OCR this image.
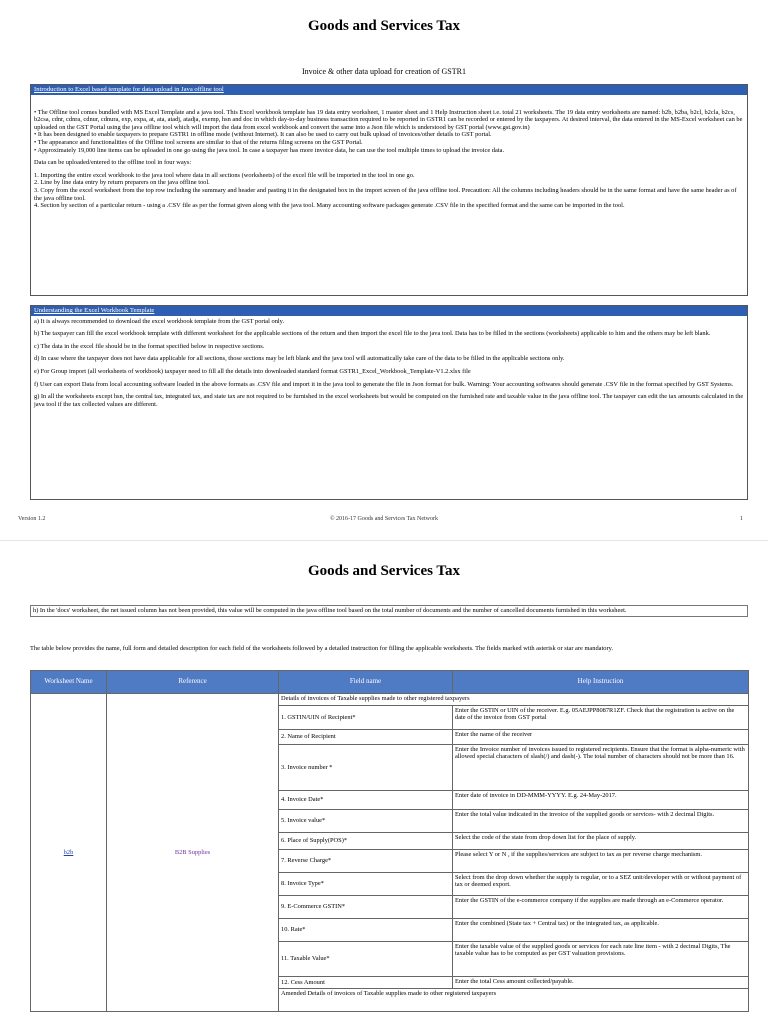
Goods and Services Tax
Invoice & other data upload for creation of GSTR1
Introduction to Excel based template for data upload in Java offline tool

• The Offline tool comes bundled with MS Excel Template and a java tool. This Excel workbook template has 19 data entry worksheet, 1 master sheet and 1 Help Instruction sheet i.e. total 21 worksheets. The 19 data entry worksheets are named: b2b, b2ba, b2cl, b2cla, b2cs, b2csa, cdnr, cdnra, cdnur, cdnura, exp, expa, at, ata, atadj, atadja, exemp, hsn and doc in which day-to-day business transaction required to be reported in GSTR1 can be recorded or entered by the taxpayers. At desired interval, the data entered in the MS-Excel worksheet can be uploaded on the GST Portal using the java offline tool which will import the data from excel workbook and convert the same into a Json file which is understood by GST portal (www.gst.gov.in)

• It has been designed to enable taxpayers to prepare GSTR1 in offline mode (without Internet). It can also be used to carry out bulk upload of invoices/other details to GST portal.

• The appearance and functionalities of the Offline tool screens are similar to that of the returns filing screens on the GST Portal.

• Approximately 19,000 line items can be uploaded in one go using the java tool. In case a taxpayer has more invoice data, he can use the tool multiple times to upload the invoice data.

Data can be uploaded/entered to the offline tool in four ways:

1. Importing the entire excel workbook to the java tool where data in all sections (worksheets) of the excel file will be imported in the tool in one go.

2. Line by line data entry by return preparers on the java offline tool.

3. Copy from the excel worksheet from the top row including the summary and header and pasting it in the designated box in the import screen of the java offline tool. Precaution: All the columns including headers should be in the same format and have the same header as of the java offline tool.

4. Section by section of a particular return - using a .CSV file as per the format given along with the java tool. Many accounting software packages generate .CSV file in the specified format and the same can be imported in the tool.

Understanding the Excel Workbook Template

a) It is always recommended to download the excel workbook template from the GST portal only.

b) The taxpayer can fill the excel workbook template with different worksheet for the applicable sections of the return and then import the excel file to the java tool. Data has to be filled in the sections (worksheets) applicable to him and the others may be left blank.

c) The data in the excel file should be in the format specified below in respective sections.

d) In case where the taxpayer does not have data applicable for all sections, those sections may be left blank and the java tool will automatically take care of the data to be filled in the applicable sections only.

e) For Group import (all worksheets of workbook) taxpayer need to fill all the details into downloaded standard format GSTR1_Excel_Workbook_Template-V1.2.xlsx file

f) User can export Data from local accounting software loaded in the above formats as .CSV file and import it in the java tool to generate the file in Json format for bulk. Warning: Your accounting softwares should generate .CSV file in the format specified by GST Systems.

g) In all the worksheets except hsn, the central tax, integrated tax, and state tax are not required to be furnished in the excel worksheets but would be computed on the furnished rate and taxable value in the java offline tool. The taxpayer can edit the tax amounts calculated in the java tool if the tax collected values are different.

Version 1.2	© 2016-17 Goods and Services Tax Network	1
Goods and Services Tax
h) In the 'docs' worksheet, the net issued column has not been provided, this value will be computed in the java offline tool based on the total number of documents and the number of cancelled documents furnished in this worksheet.
The table below provides the name, full form and detailed description for each field of the worksheets followed by a detailed instruction for filling the applicable worksheets. The fields marked with asterisk or star are mandatory.
Worksheet Name	Reference	Field name	Help Instruction
b2b	B2B Supplies	Details of invoices of Taxable supplies made to other registered taxpayers	
		1. GSTIN/UIN of Recipient*	Enter the GSTIN or UIN of the receiver. E.g. 05AEJPP8087R1ZF. Check that the registration is active on the date of the invoice from GST portal
		2. Name of Recipient	Enter the name of the receiver
		3. Invoice number *	Enter the Invoice number of invoices issued to registered recipients. Ensure that the format is alpha-numeric with allowed special characters of slash(/) and dash(-). The total number of characters should not be more than 16.
		4. Invoice Date*	Enter date of invoice in DD-MMM-YYYY. E.g. 24-May-2017.
		5. Invoice value*	Enter the total value indicated in the invoice of the supplied goods or services- with 2 decimal Digits.
		6. Place of Supply(POS)*	Select the code of the state from drop down list for the place of supply.
		7. Reverse Charge*	Please select Y or N , if the supplies/services are subject to tax as per reverse charge mechanism.
		8. Invoice Type*	Select from the drop down whether the supply is regular, or to a SEZ unit/developer with or without payment of tax or deemed export.
		9. E-Commerce GSTIN*	Enter the GSTIN of the e-commerce company if the supplies are made through an e-Commerce operator.
		10. Rate*	Enter the combined (State tax + Central tax) or the integrated tax, as applicable.
		11. Taxable Value*	Enter the taxable value of the supplied goods or services for each rate line item - with 2 decimal Digits, The taxable value has to be computed as per GST valuation provisions.
		12. Cess Amount	Enter the total Cess amount collected/payable.
		Amended Details of invoices of Taxable supplies made to other registered taxpayers	
